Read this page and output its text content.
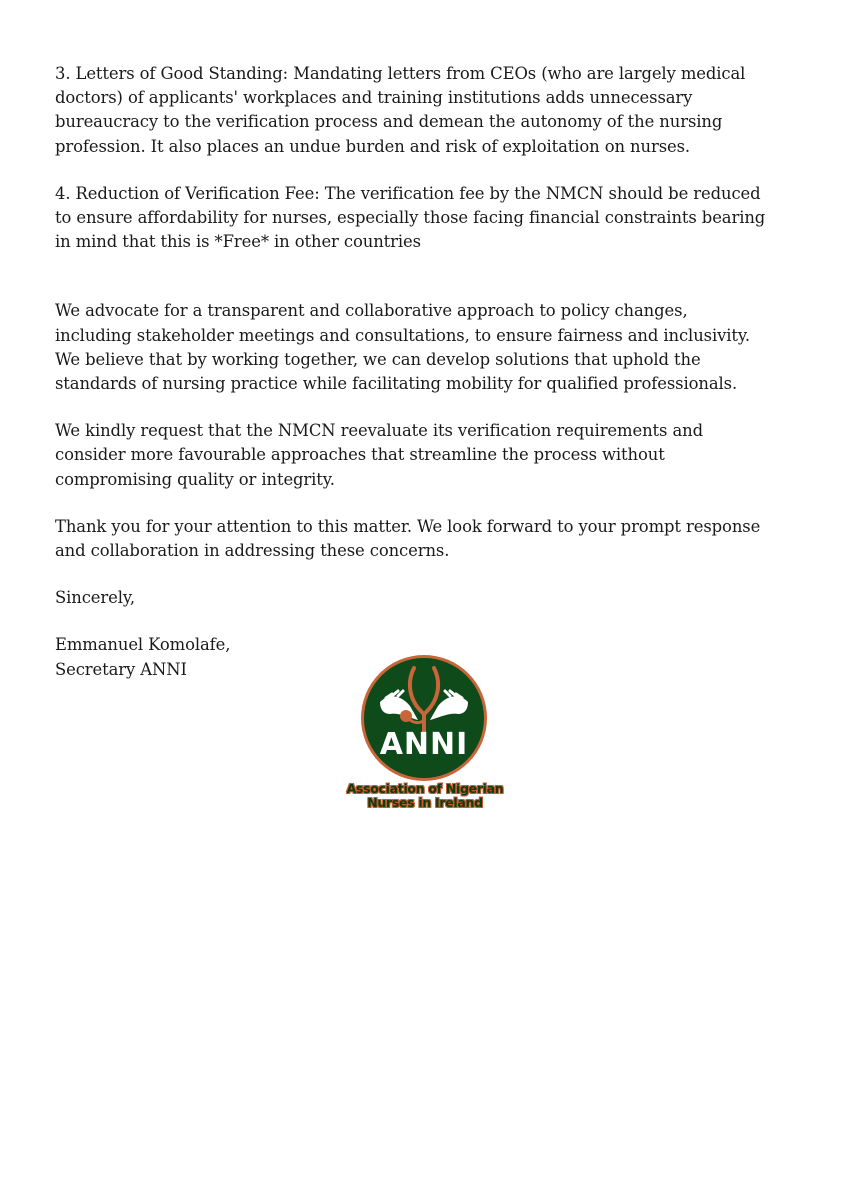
3. Letters of Good Standing: Mandating letters from CEOs (who are largely medical
doctors) of applicants' workplaces and training institutions adds unnecessary
bureaucracy to the verification process and demean the autonomy of the nursing
profession. It also places an undue burden and risk of exploitation on nurses.

4. Reduction of Verification Fee: The verification fee by the NMCN should be reduced
to ensure affordability for nurses, especially those facing financial constraints bearing
in mind that this is *Free* in other countries

We advocate for a transparent and collaborative approach to policy changes,
including stakeholder meetings and consultations, to ensure fairness and inclusivity.
We believe that by working together, we can develop solutions that uphold the
standards of nursing practice while facilitating mobility for qualified professionals.

We kindly request that the NMCN reevaluate its verification requirements and
consider more favourable approaches that streamline the process without
compromising quality or integrity.

Thank you for your attention to this matter. We look forward to your prompt response
and collaboration in addressing these concerns.

Sincerely,

Emmanuel Komolafe,

Secretary ANNI

ANNI
Association of Nigerian
Nurses in Ireland
